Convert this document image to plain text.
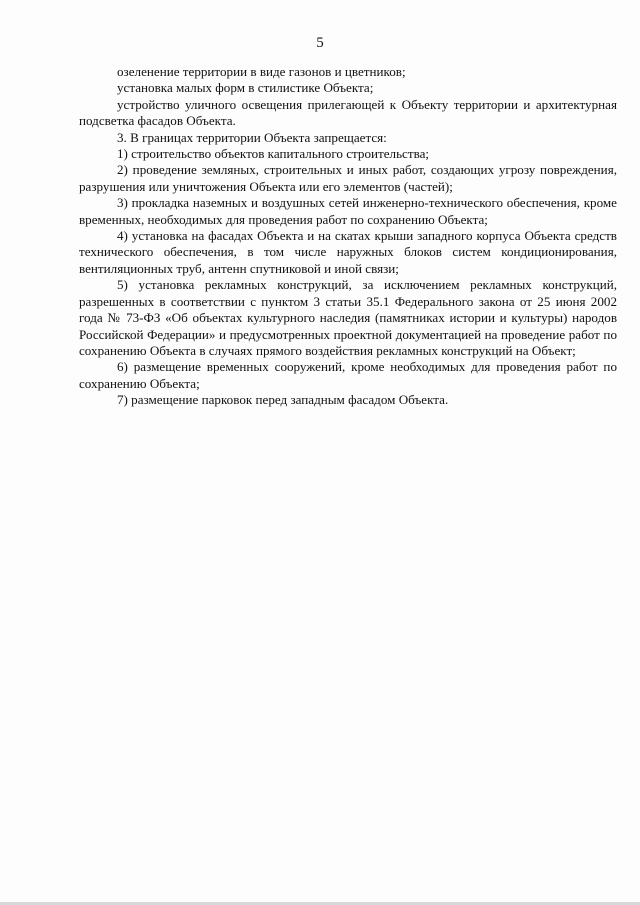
5

озеленение территории в виде газонов и цветников;

установка малых форм в стилистике Объекта;

устройство уличного освещения прилегающей к Объекту территории и архитектурная подсветка фасадов Объекта.

3. В границах территории Объекта запрещается:

1) строительство объектов капитального строительства;

2) проведение земляных, строительных и иных работ, создающих угрозу повреждения, разрушения или уничтожения Объекта или его элементов (частей);

3) прокладка наземных и воздушных сетей инженерно-технического обеспечения, кроме временных, необходимых для проведения работ по сохранению Объекта;

4) установка на фасадах Объекта и на скатах крыши западного корпуса Объекта средств технического обеспечения, в том числе наружных блоков систем кондиционирования, вентиляционных труб, антенн спутниковой и иной связи;

5) установка рекламных конструкций, за исключением рекламных конструкций, разрешенных в соответствии с пунктом 3 статьи 35.1 Федерального закона от 25 июня 2002 года № 73-ФЗ «Об объектах культурного наследия (памятниках истории и культуры) народов Российской Федерации» и предусмотренных проектной документацией на проведение работ по сохранению Объекта в случаях прямого воздействия рекламных конструкций на Объект;

6) размещение временных сооружений, кроме необходимых для проведения работ по сохранению Объекта;

7) размещение парковок перед западным фасадом Объекта.
